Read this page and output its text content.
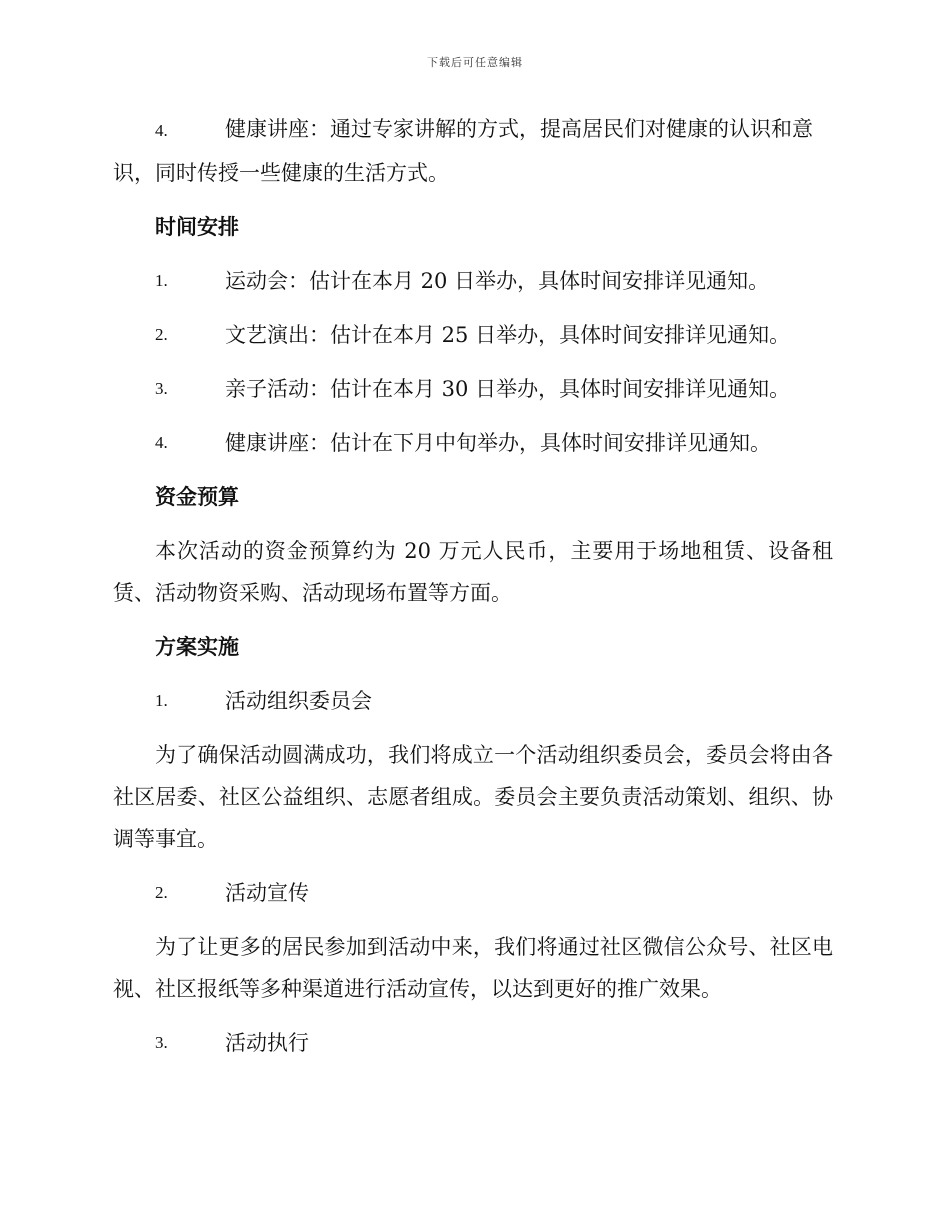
下载后可任意编辑
4.	健康讲座：通过专家讲解的方式，提高居民们对健康的认识和意识，同时传授一些健康的生活方式。
时间安排
1.	运动会：估计在本月 20 日举办，具体时间安排详见通知。
2.	文艺演出：估计在本月 25 日举办，具体时间安排详见通知。
3.	亲子活动：估计在本月 30 日举办，具体时间安排详见通知。
4.	健康讲座：估计在下月中旬举办，具体时间安排详见通知。
资金预算

本次活动的资金预算约为 20 万元人民币，主要用于场地租赁、设备租赁、活动物资采购、活动现场布置等方面。

方案实施
1.	活动组织委员会

为了确保活动圆满成功，我们将成立一个活动组织委员会，委员会将由各社区居委、社区公益组织、志愿者组成。委员会主要负责活动策划、组织、协调等事宜。

2.	活动宣传

为了让更多的居民参加到活动中来，我们将通过社区微信公众号、社区电视、社区报纸等多种渠道进行活动宣传，以达到更好的推广效果。

3.	活动执行
